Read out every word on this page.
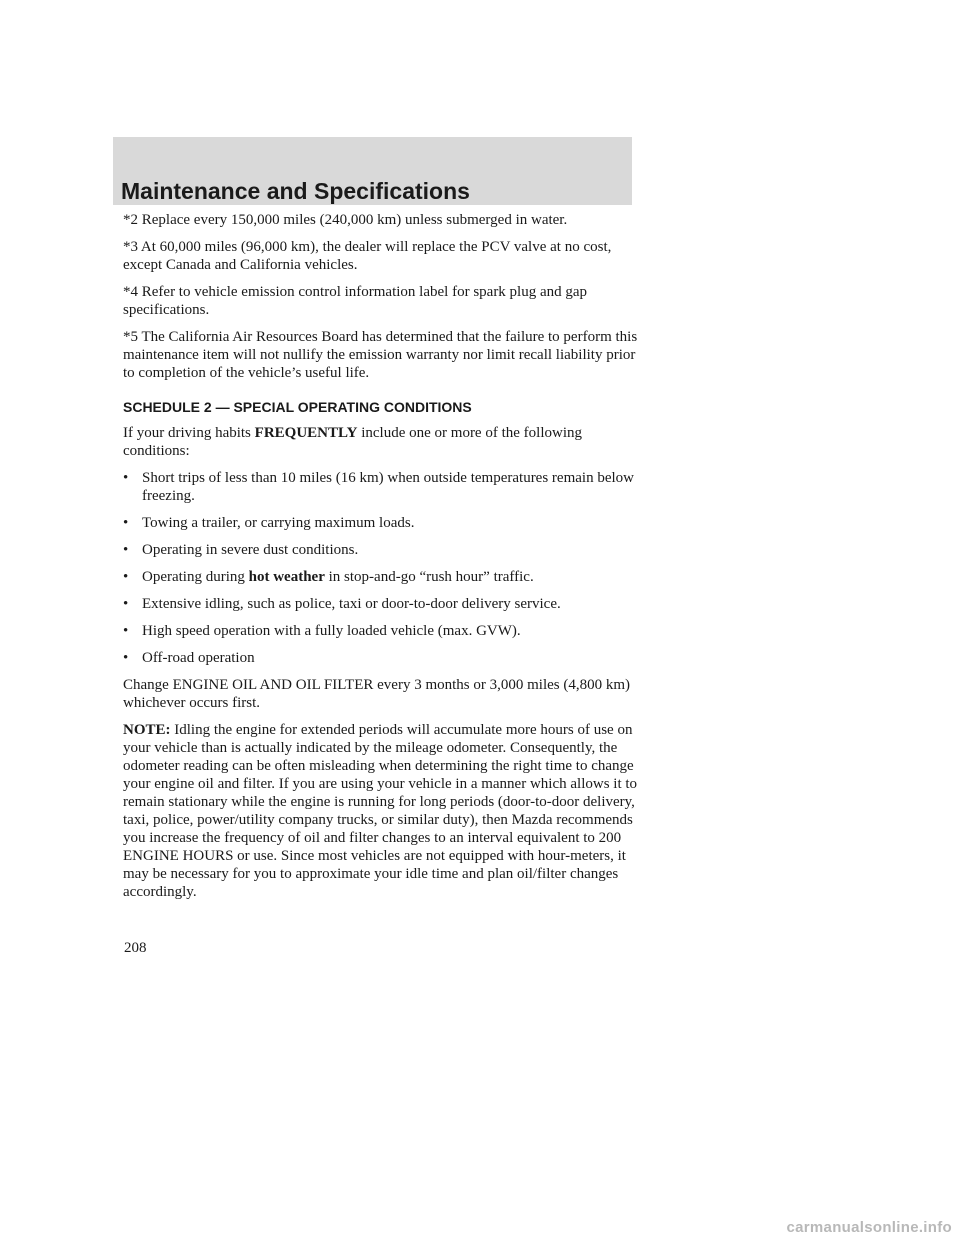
Maintenance and Specifications

*2 Replace every 150,000 miles (240,000 km) unless submerged in water.

*3 At 60,000 miles (96,000 km), the dealer will replace the PCV valve at no cost, except Canada and California vehicles.

*4 Refer to vehicle emission control information label for spark plug and gap specifications.

*5 The California Air Resources Board has determined that the failure to perform this maintenance item will not nullify the emission warranty nor limit recall liability prior to completion of the vehicle’s useful life.

SCHEDULE 2 — SPECIAL OPERATING CONDITIONS

If your driving habits FREQUENTLY include one or more of the following conditions:

• Short trips of less than 10 miles (16 km) when outside temperatures remain below freezing.
• Towing a trailer, or carrying maximum loads.
• Operating in severe dust conditions.
• Operating during hot weather in stop-and-go “rush hour” traffic.
• Extensive idling, such as police, taxi or door-to-door delivery service.
• High speed operation with a fully loaded vehicle (max. GVW).
• Off-road operation

Change ENGINE OIL AND OIL FILTER every 3 months or 3,000 miles (4,800 km) whichever occurs first.

NOTE: Idling the engine for extended periods will accumulate more hours of use on your vehicle than is actually indicated by the mileage odometer. Consequently, the odometer reading can be often misleading when determining the right time to change your engine oil and filter. If you are using your vehicle in a manner which allows it to remain stationary while the engine is running for long periods (door-to-door delivery, taxi, police, power/utility company trucks, or similar duty), then Mazda recommends you increase the frequency of oil and filter changes to an interval equivalent to 200 ENGINE HOURS or use. Since most vehicles are not equipped with hour-meters, it may be necessary for you to approximate your idle time and plan oil/filter changes accordingly.

208
carmanualsonline.info
